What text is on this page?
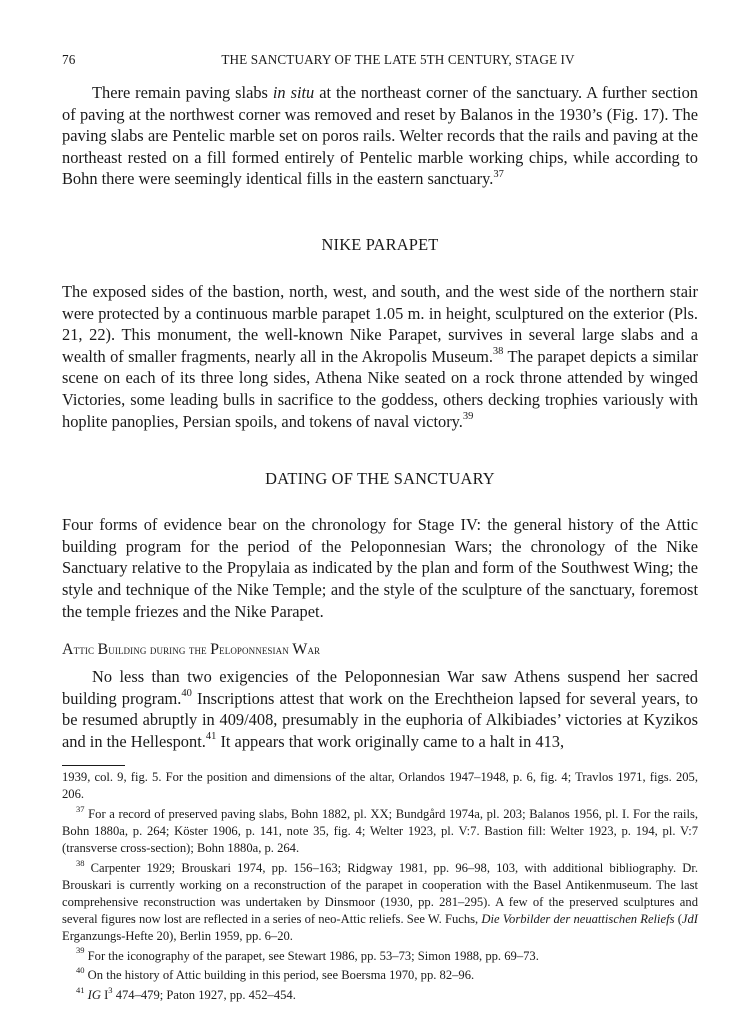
76	THE SANCTUARY OF THE LATE 5TH CENTURY, STAGE IV

There remain paving slabs in situ at the northeast corner of the sanctuary. A further section of paving at the northwest corner was removed and reset by Balanos in the 1930’s (Fig. 17). The paving slabs are Pentelic marble set on poros rails. Welter records that the rails and paving at the northeast rested on a fill formed entirely of Pentelic marble working chips, while according to Bohn there were seemingly identical fills in the eastern sanctuary.$^{37}$

NIKE PARAPET

The exposed sides of the bastion, north, west, and south, and the west side of the northern stair were protected by a continuous marble parapet 1.05 m. in height, sculptured on the exterior (Pls. 21, 22). This monument, the well-known Nike Parapet, survives in several large slabs and a wealth of smaller fragments, nearly all in the Akropolis Museum.$^{38}$ The parapet depicts a similar scene on each of its three long sides, Athena Nike seated on a rock throne attended by winged Victories, some leading bulls in sacrifice to the goddess, others decking trophies variously with hoplite panoplies, Persian spoils, and tokens of naval victory.$^{39}$

DATING OF THE SANCTUARY

Four forms of evidence bear on the chronology for Stage IV: the general history of the Attic building program for the period of the Peloponnesian Wars; the chronology of the Nike Sanctuary relative to the Propylaia as indicated by the plan and form of the Southwest Wing; the style and technique of the Nike Temple; and the style of the sculpture of the sanctuary, foremost the temple friezes and the Nike Parapet.

Attic Building during the Peloponnesian War

No less than two exigencies of the Peloponnesian War saw Athens suspend her sacred building program.$^{40}$ Inscriptions attest that work on the Erechtheion lapsed for several years, to be resumed abruptly in 409/408, presumably in the euphoria of Alkibiades’ victories at Kyzikos and in the Hellespont.$^{41}$ It appears that work originally came to a halt in 413,

1939, col. 9, fig. 5. For the position and dimensions of the altar, Orlandos 1947–1948, p. 6, fig. 4; Travlos 1971, figs. 205, 206.

$^{37}$ For a record of preserved paving slabs, Bohn 1882, pl. XX; Bundgård 1974a, pl. 203; Balanos 1956, pl. I. For the rails, Bohn 1880a, p. 264; Köster 1906, p. 141, note 35, fig. 4; Welter 1923, pl. V:7. Bastion fill: Welter 1923, p. 194, pl. V:7 (transverse cross-section); Bohn 1880a, p. 264.

$^{38}$ Carpenter 1929; Brouskari 1974, pp. 156–163; Ridgway 1981, pp. 96–98, 103, with additional bibliography. Dr. Brouskari is currently working on a reconstruction of the parapet in cooperation with the Basel Antikenmuseum. The last comprehensive reconstruction was undertaken by Dinsmoor (1930, pp. 281–295). A few of the preserved sculptures and several figures now lost are reflected in a series of neo-Attic reliefs. See W. Fuchs, Die Vorbilder der neuattischen Reliefs (JdI Erganzungs-Hefte 20), Berlin 1959, pp. 6–20.

$^{39}$ For the iconography of the parapet, see Stewart 1986, pp. 53–73; Simon 1988, pp. 69–73.

$^{40}$ On the history of Attic building in this period, see Boersma 1970, pp. 82–96.

$^{41}$ IG $I^3$ 474–479; Paton 1927, pp. 452–454.
